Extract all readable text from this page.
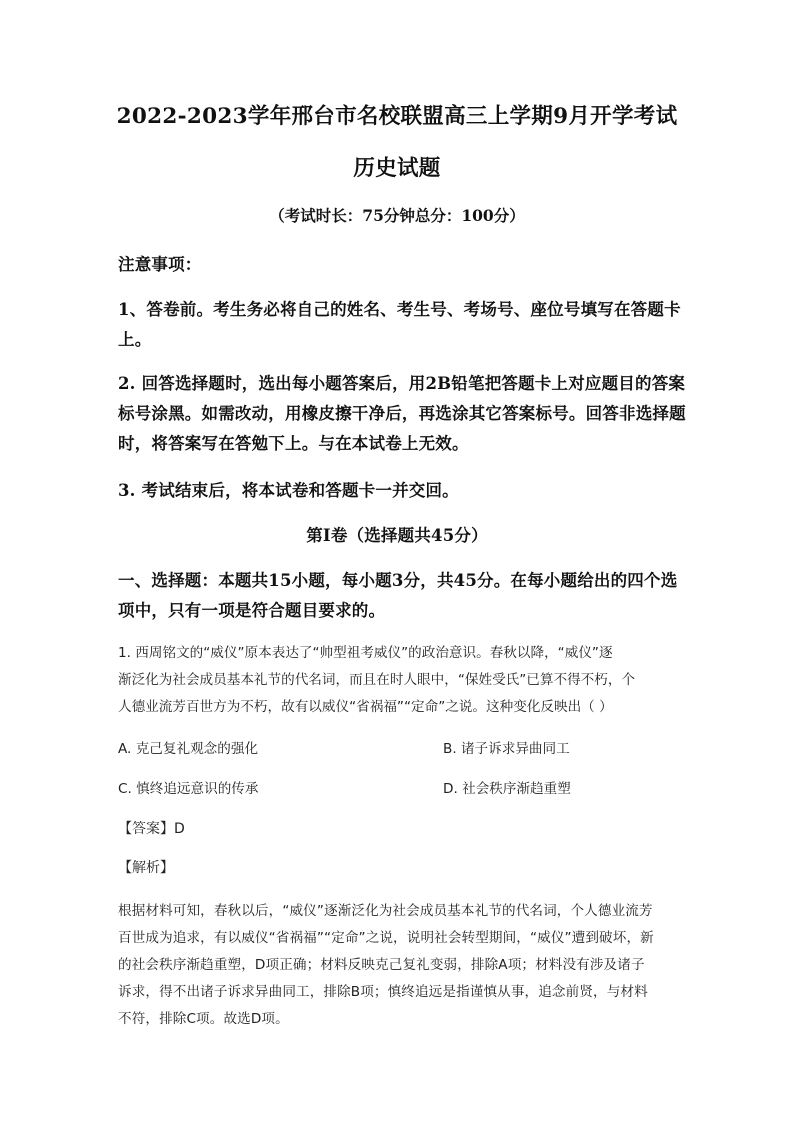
2022-2023学年邢台市名校联盟高三上学期9月开学考试
历史试题
（考试时长：75分钟总分：100分）
注意事项：
1、答卷前。考生务必将自己的姓名、考生号、考场号、座位号填写在答题卡
上。
2. 回答选择题时，选出每小题答案后，用2B铅笔把答题卡上对应题目的答案
标号涂黑。如需改动，用橡皮擦干净后，再选涂其它答案标号。回答非选择题
时，将答案写在答勉下上。与在本试卷上无效。
3. 考试结束后，将本试卷和答题卡一并交回。
第I卷（选择题共45分）
一、选择题：本题共15小题，每小题3分，共45分。在每小题给出的四个选
项中，只有一项是符合题目要求的。
1. 西周铭文的“威仪”原本表达了“帅型祖考威仪”的政治意识。春秋以降，“威仪”逐
渐泛化为社会成员基本礼节的代名词，而且在时人眼中，“保姓受氏”已算不得不朽，个
人德业流芳百世方为不朽，故有以威仪“省祸福”“定命”之说。这种变化反映出（ ）
A. 克己复礼观念的强化	B. 诸子诉求异曲同工
C. 慎终追远意识的传承	D. 社会秩序渐趋重塑
【答案】D
【解析】
根据材料可知，春秋以后，“威仪”逐渐泛化为社会成员基本礼节的代名词，个人德业流芳
百世成为追求，有以威仪“省祸福”“定命”之说，说明社会转型期间，“威仪”遭到破坏，新
的社会秩序渐趋重塑，D项正确；材料反映克己复礼变弱，排除A项；材料没有涉及诸子
诉求，得不出诸子诉求异曲同工，排除B项；慎终追远是指谨慎从事，追念前贤，与材料
不符，排除C项。故选D项。
